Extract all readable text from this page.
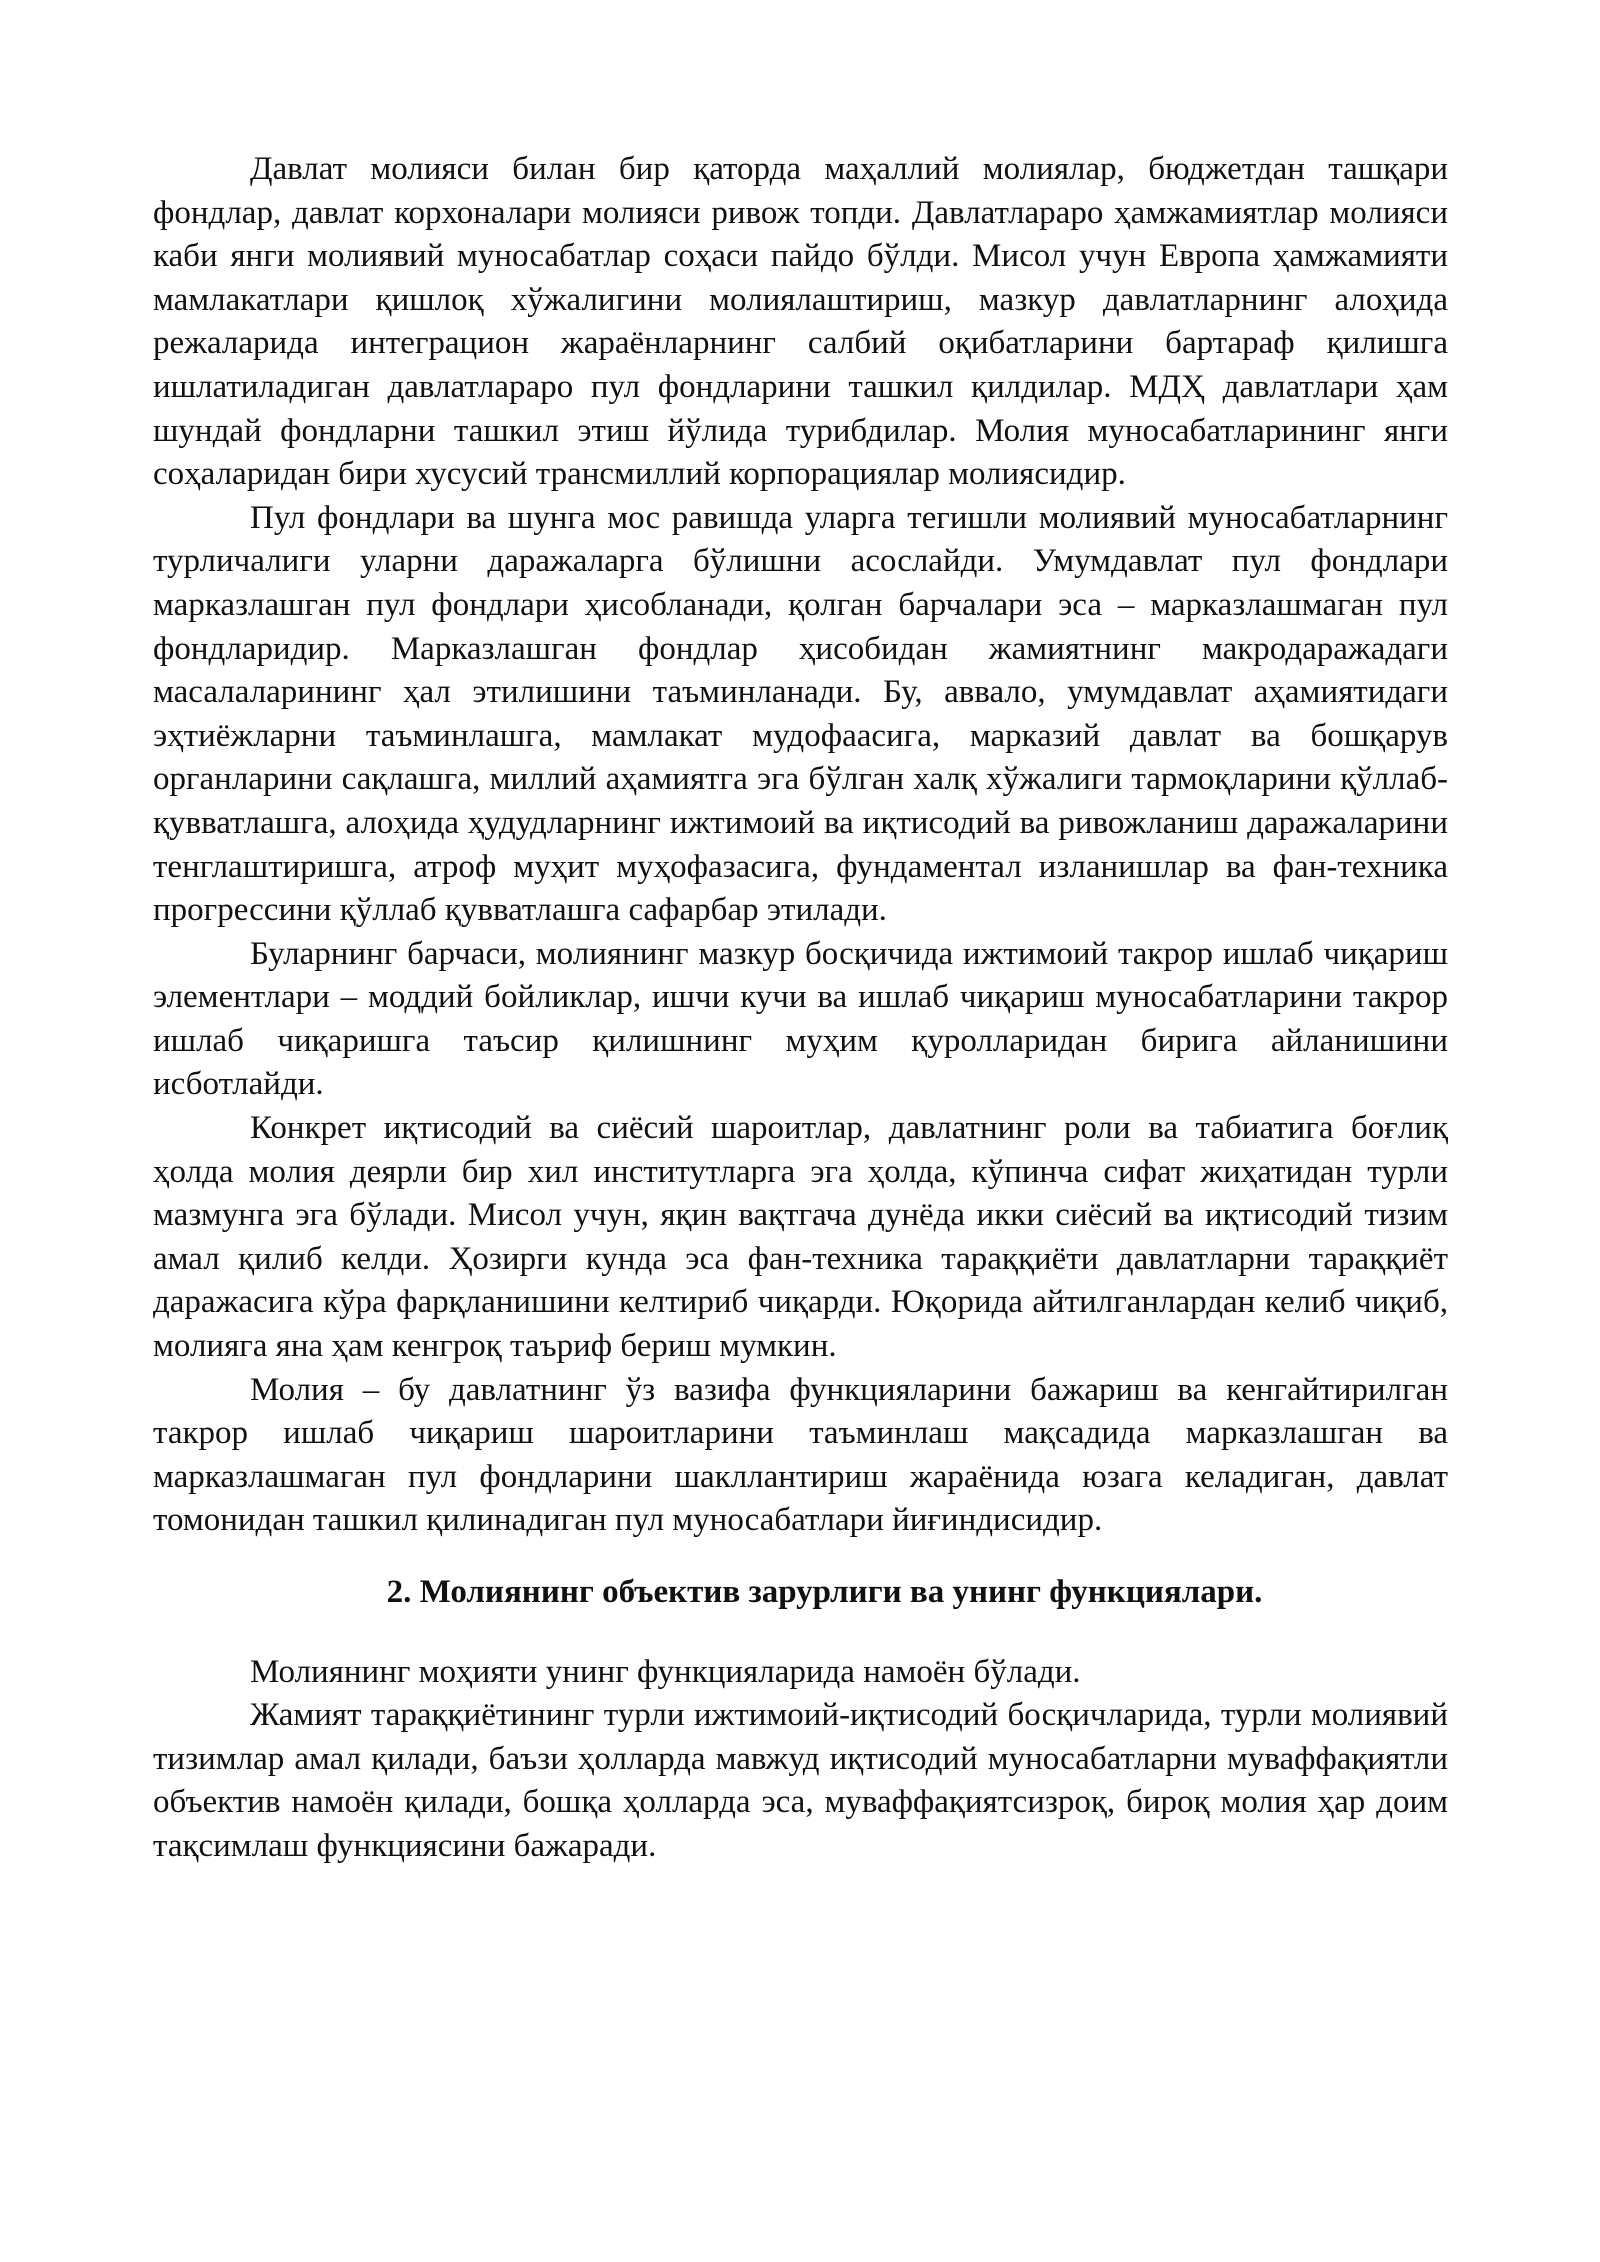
Давлат молияси билан бир қаторда маҳаллий молиялар, бюджетдан ташқари фондлар, давлат корхоналари молияси ривож топди. Давлатлараро ҳамжамиятлар молияси каби янги молиявий муносабатлар соҳаси пайдо бўлди. Мисол учун Европа ҳамжамияти мамлакатлари қишлоқ хўжалигини молиялаштириш, мазкур давлатларнинг алоҳида режаларида интеграцион жараёнларнинг салбий оқибатларини бартараф қилишга ишлатиладиган давлатлараро пул фондларини ташкил қилдилар. МДҲ давлатлари ҳам шундай фондларни ташкил этиш йўлида турибдилар. Молия муносабатларининг янги соҳаларидан бири хусусий трансмиллий корпорациялар молиясидир.

Пул фондлари ва шунга мос равишда уларга тегишли молиявий муносабатларнинг турличалиги уларни даражаларга бўлишни асослайди. Умумдавлат пул фондлари марказлашган пул фондлари ҳисобланади, қолган барчалари эса – марказлашмаган пул фондларидир. Марказлашган фондлар ҳисобидан жамиятнинг макродаражадаги масалаларининг ҳал этилишини таъминланади. Бу, аввало, умумдавлат аҳамиятидаги эҳтиёжларни таъминлашга, мамлакат мудофаасига, марказий давлат ва бошқарув органларини сақлашга, миллий аҳамиятга эга бўлган халқ хўжалиги тармоқларини қўллаб-қувватлашга, алоҳида ҳудудларнинг ижтимоий ва иқтисодий ва ривожланиш даражаларини тенглаштиришга, атроф муҳит муҳофазасига, фундаментал изланишлар ва фан-техника прогрессини қўллаб қувватлашга сафарбар этилади.

Буларнинг барчаси, молиянинг мазкур босқичида ижтимоий такрор ишлаб чиқариш элементлари – моддий бойликлар, ишчи кучи ва ишлаб чиқариш муносабатларини такрор ишлаб чиқаришга таъсир қилишнинг муҳим қуролларидан бирига айланишини исботлайди.

Конкрет иқтисодий ва сиёсий шароитлар, давлатнинг роли ва табиатига боғлиқ ҳолда молия деярли бир хил институтларга эга ҳолда, кўпинча сифат жиҳатидан турли мазмунга эга бўлади. Мисол учун, яқин вақтгача дунёда икки сиёсий ва иқтисодий тизим амал қилиб келди. Ҳозирги кунда эса фан-техника тараққиёти давлатларни тараққиёт даражасига кўра фарқланишини келтириб чиқарди. Юқорида айтилганлардан келиб чиқиб, молияга яна ҳам кенгроқ таъриф бериш мумкин.

Молия – бу давлатнинг ўз вазифа функцияларини бажариш ва кенгайтирилган такрор ишлаб чиқариш шароитларини таъминлаш мақсадида марказлашган ва марказлашмаган пул фондларини шакллантириш жараёнида юзага келадиган, давлат томонидан ташкил қилинадиган пул муносабатлари йиғиндисидир.

2. Молиянинг объектив зарурлиги ва унинг функциялари.

Молиянинг моҳияти унинг функцияларида намоён бўлади.

Жамият тараққиётининг турли ижтимоий-иқтисодий босқичларида, турли молиявий тизимлар амал қилади, баъзи ҳолларда мавжуд иқтисодий муносабатларни муваффақиятли объектив намоён қилади, бошқа ҳолларда эса, муваффақиятсизроқ, бироқ молия ҳар доим тақсимлаш функциясини бажаради.
